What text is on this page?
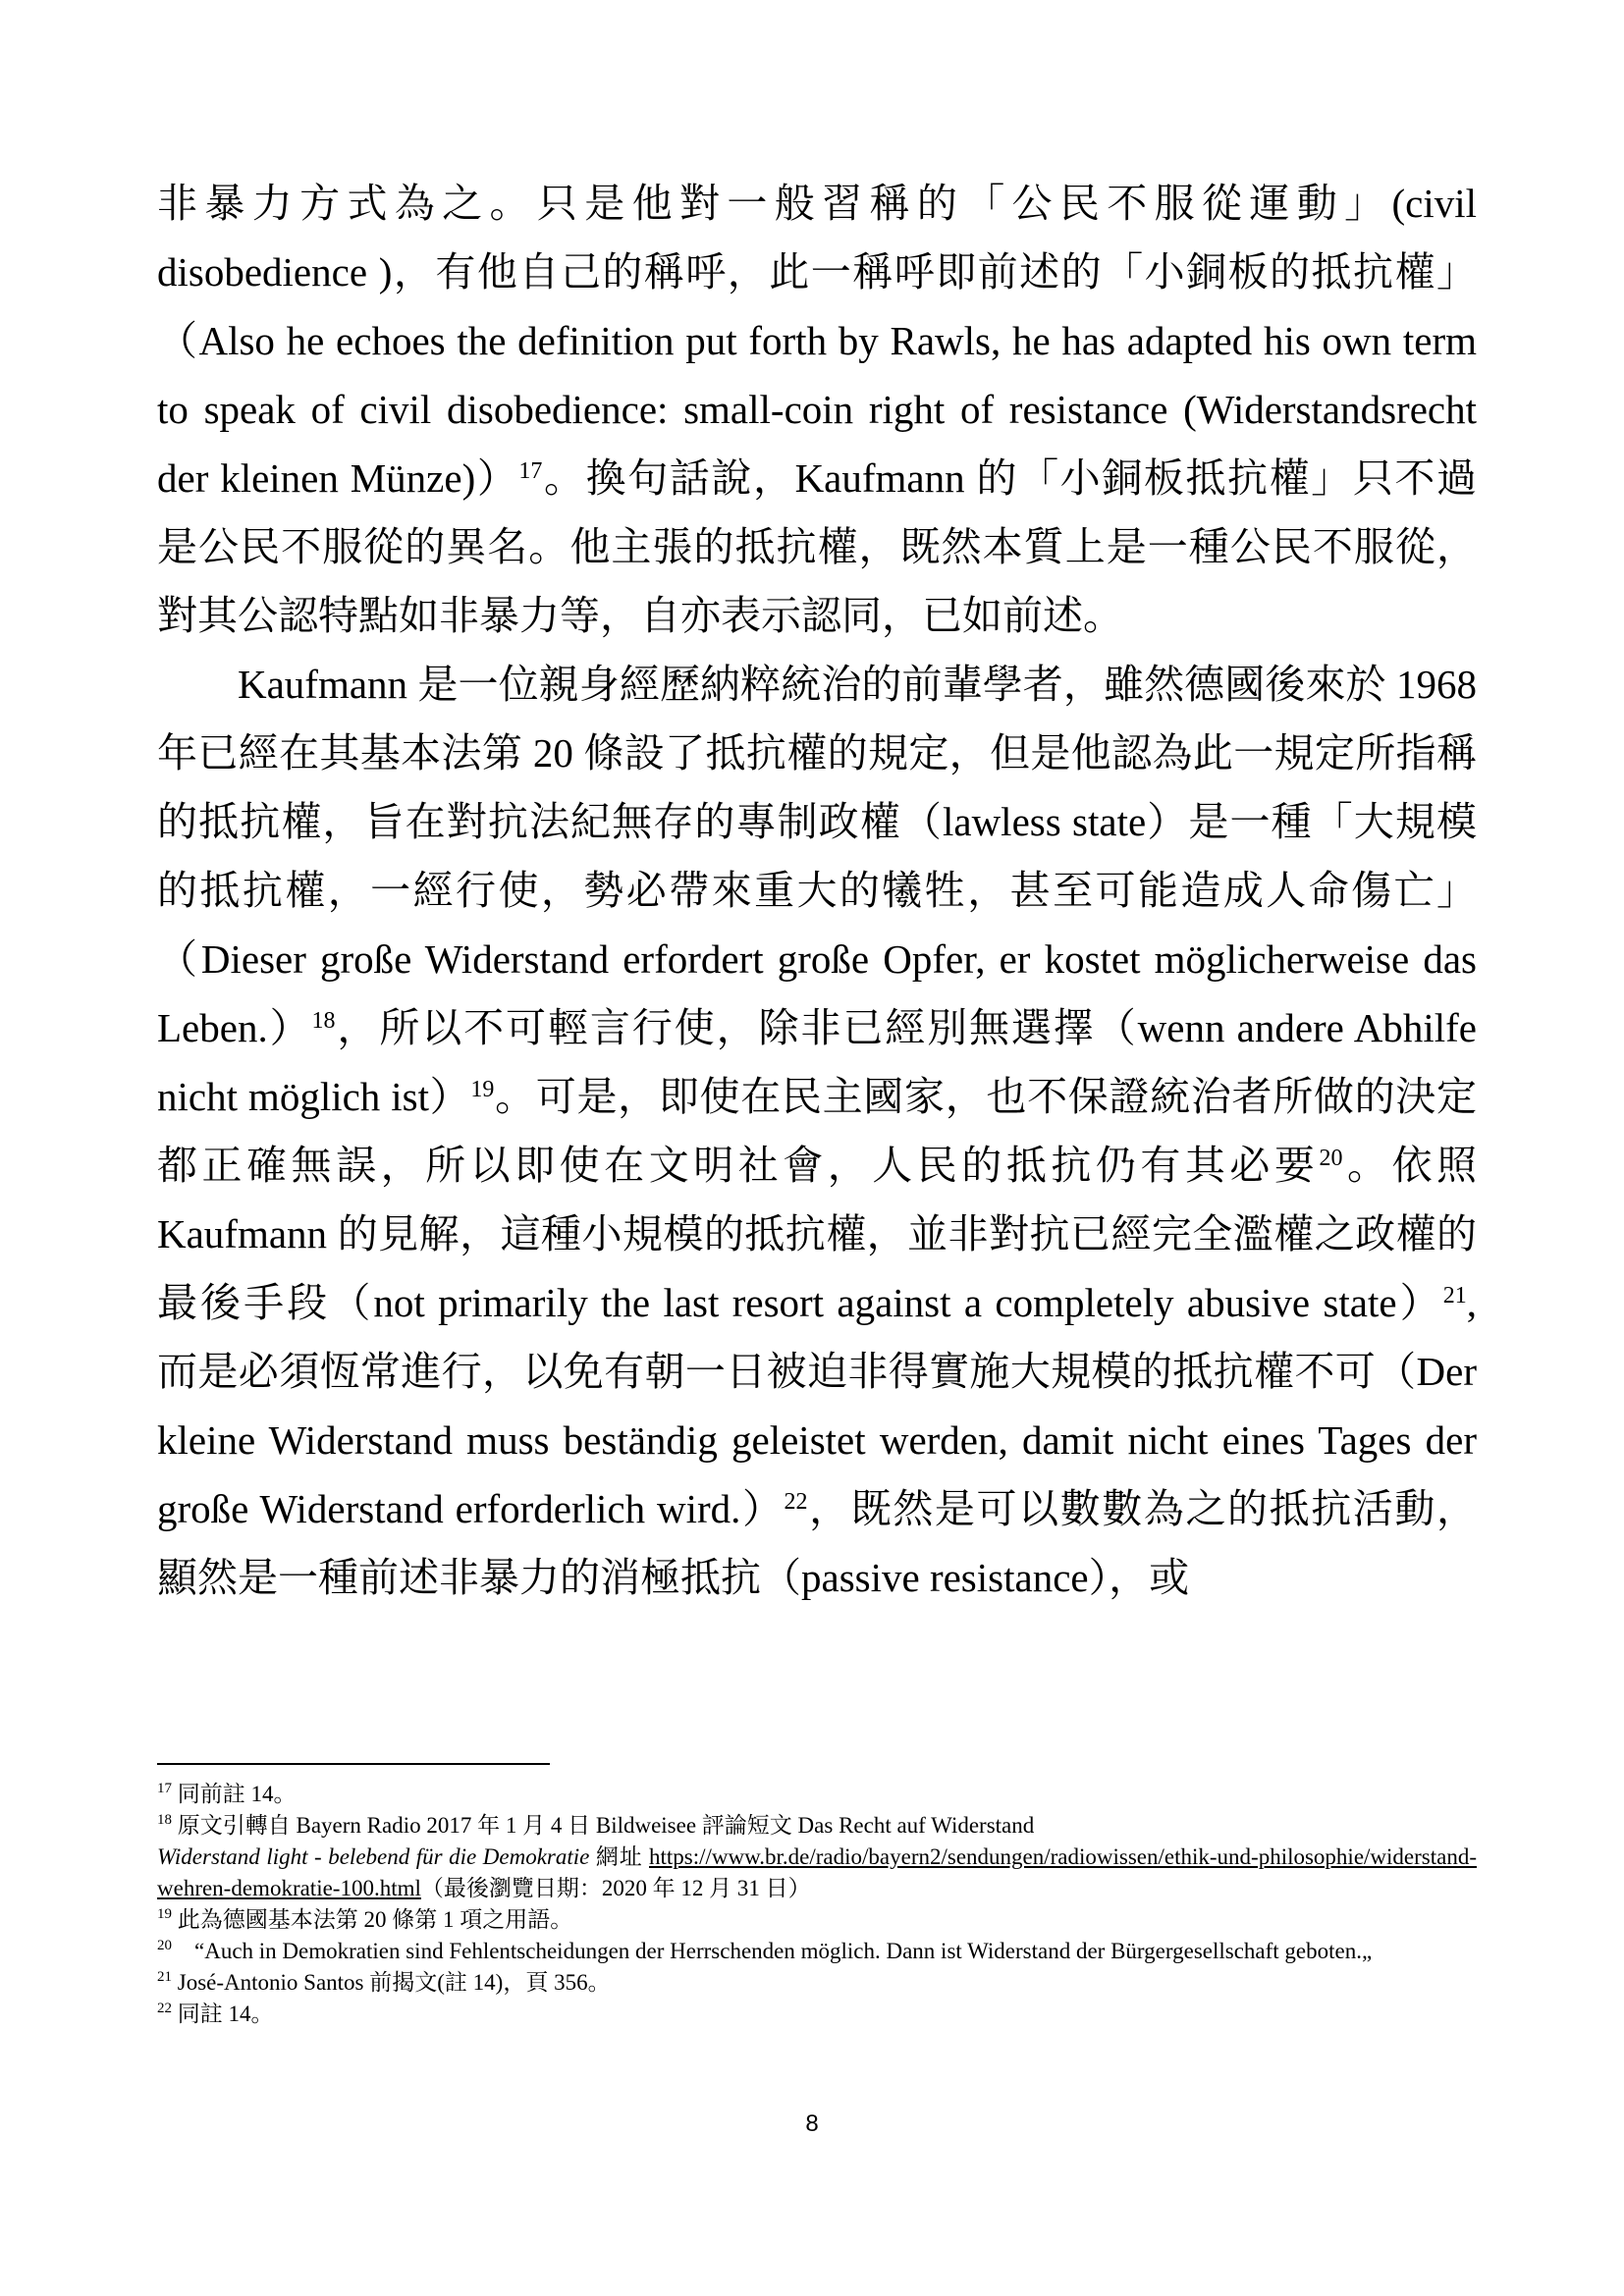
非暴力方式為之。只是他對一般習稱的「公民不服從運動」(civil disobedience )，有他自己的稱呼，此一稱呼即前述的「小銅板的抵抗權」（Also he echoes the definition put forth by Rawls, he has adapted his own term to speak of civil disobedience: small-coin right of resistance (Widerstandsrecht der kleinen Münze)）$^{17}$。換句話說，Kaufmann 的「小銅板抵抗權」只不過是公民不服從的異名。他主張的抵抗權，既然本質上是一種公民不服從，對其公認特點如非暴力等，自亦表示認同，已如前述。

Kaufmann 是一位親身經歷納粹統治的前輩學者，雖然德國後來於 1968 年已經在其基本法第 20 條設了抵抗權的規定，但是他認為此一規定所指稱的抵抗權，旨在對抗法紀無存的專制政權（lawless state）是一種「大規模的抵抗權，一經行使，勢必帶來重大的犧牲，甚至可能造成人命傷亡」（Dieser große Widerstand erfordert große Opfer, er kostet möglicherweise das Leben.）$^{18}$，所以不可輕言行使，除非已經別無選擇（wenn andere Abhilfe nicht möglich ist）$^{19}$。可是，即使在民主國家，也不保證統治者所做的決定都正確無誤，所以即使在文明社會，人民的抵抗仍有其必要$^{20}$。依照 Kaufmann 的見解，這種小規模的抵抗權，並非對抗已經完全濫權之政權的最後手段（not primarily the last resort against a completely abusive state）$^{21}$, 而是必須恆常進行，以免有朝一日被迫非得實施大規模的抵抗權不可（Der kleine Widerstand muss beständig geleistet werden, damit nicht eines Tages der große Widerstand erforderlich wird.）$^{22}$，既然是可以數數為之的抵抗活動，顯然是一種前述非暴力的消極抵抗（passive resistance），或

$^{17}$ 同前註 14。

$^{18}$ 原文引轉自 Bayern Radio 2017 年 1 月 4 日 Bildweisee 評論短文 Das Recht auf Widerstand
Widerstand light - belebend für die Demokratie 網址 https://www.br.de/radio/bayern2/sendungen/radiowissen/ethik-und-philosophie/widerstand-wehren-demokratie-100.html（最後瀏覽日期：2020 年 12 月 31 日）

$^{19}$ 此為德國基本法第 20 條第 1 項之用語。

$^{20}$　“Auch in Demokratien sind Fehlentscheidungen der Herrschenden möglich. Dann ist Widerstand der Bürgergesellschaft geboten.„

$^{21}$ José-Antonio Santos 前揭文(註 14)，頁 356。

$^{22}$ 同註 14。

8
